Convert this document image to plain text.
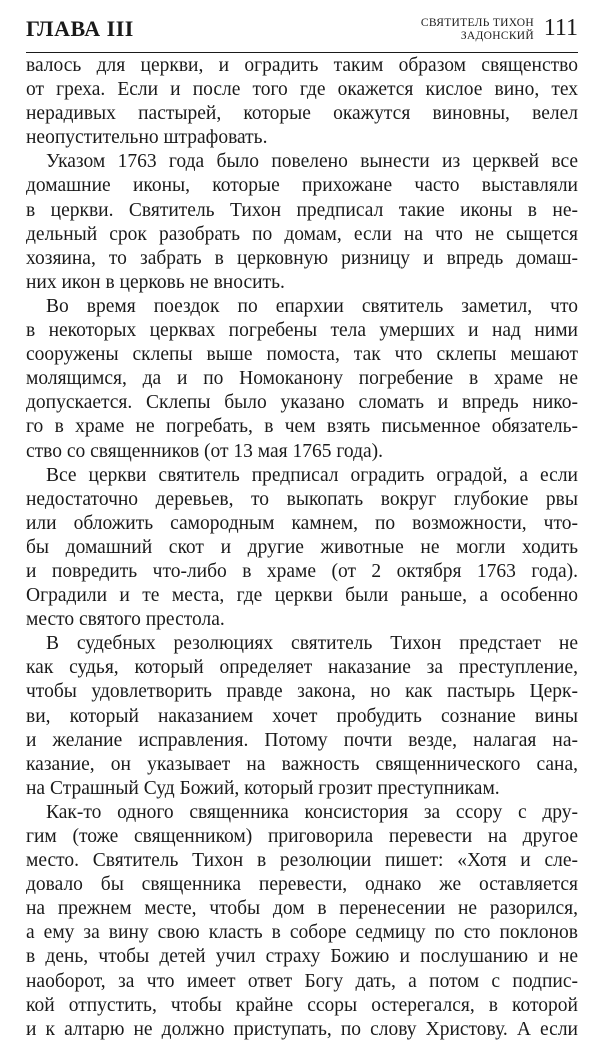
ГЛАВА III	СВЯТИТЕЛЬ ТИХОН
ЗАДОНСКИЙ 111

валось для церкви, и оградить таким образом священство
от греха. Если и после того где окажется кислое вино, тех
нерадивых пастырей, которые окажутся виновны, велел
неопустительно штрафовать.

Указом 1763 года было повелено вынести из церквей все
домашние иконы, которые прихожане часто выставляли
в церкви. Святитель Тихон предписал такие иконы в не-
дельный срок разобрать по домам, если на что не сыщется
хозяина, то забрать в церковную ризницу и впредь домаш-
них икон в церковь не вносить.

Во время поездок по епархии святитель заметил, что
в некоторых церквах погребены тела умерших и над ними
сооружены склепы выше помоста, так что склепы мешают
молящимся, да и по Номоканону погребение в храме не
допускается. Склепы было указано сломать и впредь нико-
го в храме не погребать, в чем взять письменное обязатель-
ство со священников (от 13 мая 1765 года).

Все церкви святитель предписал оградить оградой, а если
недостаточно деревьев, то выкопать вокруг глубокие рвы
или обложить самородным камнем, по возможности, что-
бы домашний скот и другие животные не могли ходить
и повредить что-либо в храме (от 2 октября 1763 года).
Оградили и те места, где церкви были раньше, а особенно
место святого престола.

В судебных резолюциях святитель Тихон предстает не
как судья, который определяет наказание за преступление,
чтобы удовлетворить правде закона, но как пастырь Церк-
ви, который наказанием хочет пробудить сознание вины
и желание исправления. Потому почти везде, налагая на-
казание, он указывает на важность священнического сана,
на Страшный Суд Божий, который грозит преступникам.

Как-то одного священника консистория за ссору с дру-
гим (тоже священником) приговорила перевести на другое
место. Святитель Тихон в резолюции пишет: «Хотя и сле-
довало бы священника перевести, однако же оставляется
на прежнем месте, чтобы дом в перенесении не разорился,
а ему за вину свою класть в соборе седмицу по сто поклонов
в день, чтобы детей учил страху Божию и послушанию и не
наоборот, за что имеет ответ Богу дать, а потом с подпис-
кой отпустить, чтобы крайне ссоры остерегался, в которой
и к алтарю не должно приступать, по слову Христову. А если
